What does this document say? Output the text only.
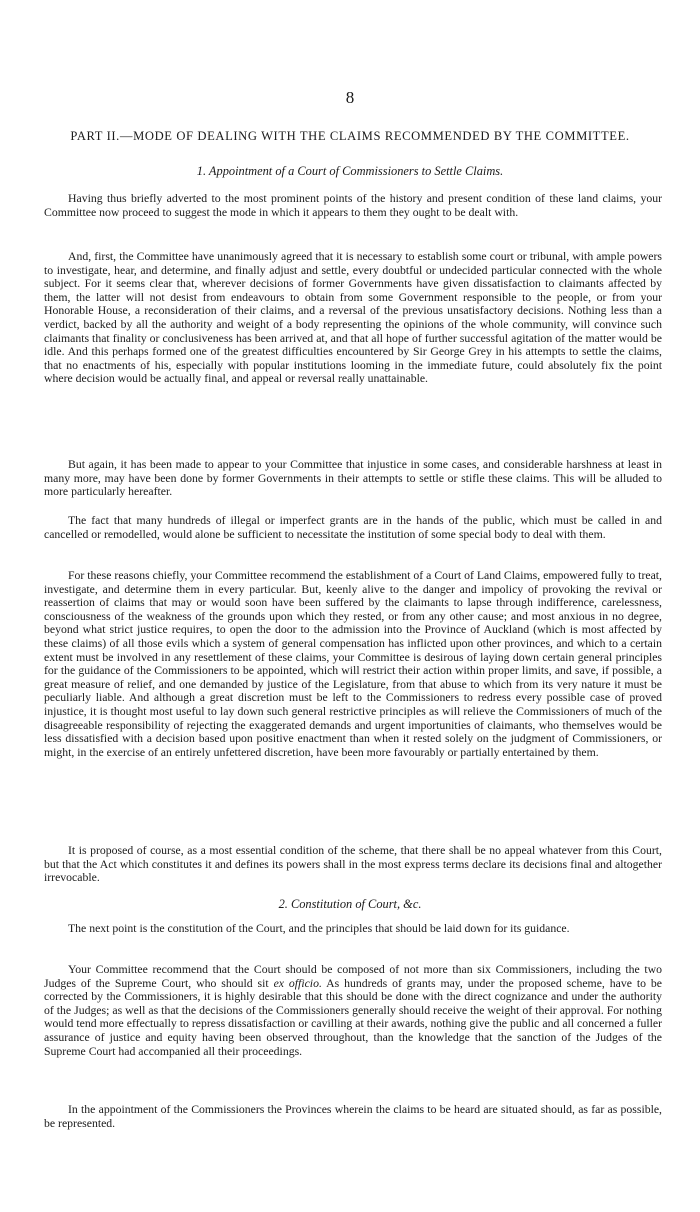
8
PART II.—MODE OF DEALING WITH THE CLAIMS RECOMMENDED BY THE COMMITTEE.
1. Appointment of a Court of Commissioners to Settle Claims.

Having thus briefly adverted to the most prominent points of the history and present condition of these land claims, your Committee now proceed to suggest the mode in which it appears to them they ought to be dealt with.

And, first, the Committee have unanimously agreed that it is necessary to establish some court or tribunal, with ample powers to investigate, hear, and determine, and finally adjust and settle, every doubtful or undecided particular connected with the whole subject. For it seems clear that, wherever decisions of former Governments have given dissatisfaction to claimants affected by them, the latter will not desist from endeavours to obtain from some Government responsible to the people, or from your Honorable House, a reconsideration of their claims, and a reversal of the previous unsatisfactory decisions. Nothing less than a verdict, backed by all the authority and weight of a body representing the opinions of the whole community, will convince such claimants that finality or conclusiveness has been arrived at, and that all hope of further successful agitation of the matter would be idle. And this perhaps formed one of the greatest difficulties encountered by Sir George Grey in his attempts to settle the claims, that no enactments of his, especially with popular institutions looming in the immediate future, could absolutely fix the point where decision would be actually final, and appeal or reversal really unattainable.

But again, it has been made to appear to your Committee that injustice in some cases, and considerable harshness at least in many more, may have been done by former Governments in their attempts to settle or stifle these claims. This will be alluded to more particularly hereafter.

The fact that many hundreds of illegal or imperfect grants are in the hands of the public, which must be called in and cancelled or remodelled, would alone be sufficient to necessitate the institution of some special body to deal with them.

For these reasons chiefly, your Committee recommend the establishment of a Court of Land Claims, empowered fully to treat, investigate, and determine them in every particular. But, keenly alive to the danger and impolicy of provoking the revival or reassertion of claims that may or would soon have been suffered by the claimants to lapse through indifference, carelessness, consciousness of the weakness of the grounds upon which they rested, or from any other cause; and most anxious in no degree, beyond what strict justice requires, to open the door to the admission into the Province of Auckland (which is most affected by these claims) of all those evils which a system of general compensation has inflicted upon other provinces, and which to a certain extent must be involved in any resettlement of these claims, your Committee is desirous of laying down certain general principles for the guidance of the Commissioners to be appointed, which will restrict their action within proper limits, and save, if possible, a great measure of relief, and one demanded by justice of the Legislature, from that abuse to which from its very nature it must be peculiarly liable. And although a great discretion must be left to the Commissioners to redress every possible case of proved injustice, it is thought most useful to lay down such general restrictive principles as will relieve the Commissioners of much of the disagreeable responsibility of rejecting the exaggerated demands and urgent importunities of claimants, who themselves would be less dissatisfied with a decision based upon positive enactment than when it rested solely on the judgment of Commissioners, or might, in the exercise of an entirely unfettered discretion, have been more favourably or partially entertained by them.

It is proposed of course, as a most essential condition of the scheme, that there shall be no appeal whatever from this Court, but that the Act which constitutes it and defines its powers shall in the most express terms declare its decisions final and altogether irrevocable.

2. Constitution of Court, &c.

The next point is the constitution of the Court, and the principles that should be laid down for its guidance.

Your Committee recommend that the Court should be composed of not more than six Commissioners, including the two Judges of the Supreme Court, who should sit ex officio. As hundreds of grants may, under the proposed scheme, have to be corrected by the Commissioners, it is highly desirable that this should be done with the direct cognizance and under the authority of the Judges; as well as that the decisions of the Commissioners generally should receive the weight of their approval. For nothing would tend more effectually to repress dissatisfaction or cavilling at their awards, nothing give the public and all concerned a fuller assurance of justice and equity having been observed throughout, than the knowledge that the sanction of the Judges of the Supreme Court had accompanied all their proceedings.

In the appointment of the Commissioners the Provinces wherein the claims to be heard are situated should, as far as possible, be represented.
